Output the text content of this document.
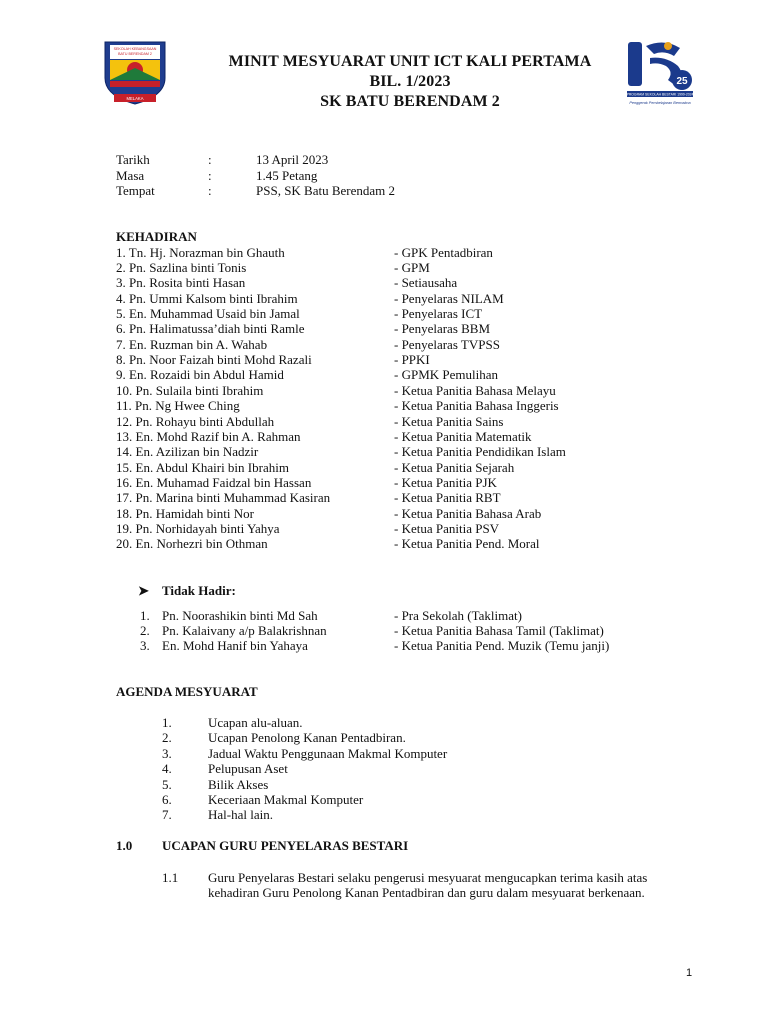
SEKOLAH KEBANGSAAN
BATU BERENDAM 2
MELAKA
MINIT MESYUARAT UNIT ICT KALI PERTAMA
BIL. 1/2023
SK BATU BERENDAM 2
25
PROGRAM SEKOLAH BESTARI 1999-2024
Penggerak Pembelajaran Bermakna
Tarikh	:	13 April 2023
Masa	:	1.45 Petang
Tempat	:	PSS, SK Batu Berendam 2
KEHADIRAN
1. Tn. Hj. Norazman bin Ghauth	- GPK Pentadbiran
2. Pn. Sazlina binti Tonis	- GPM
3. Pn. Rosita binti Hasan	- Setiausaha
4. Pn. Ummi Kalsom binti Ibrahim	- Penyelaras NILAM
5. En. Muhammad Usaid bin Jamal	- Penyelaras ICT
6. Pn. Halimatussa’diah binti Ramle	- Penyelaras BBM
7. En. Ruzman bin A. Wahab	- Penyelaras TVPSS
8. Pn. Noor Faizah binti Mohd Razali	- PPKI
9. En. Rozaidi bin Abdul Hamid	- GPMK Pemulihan
10. Pn. Sulaila binti Ibrahim	- Ketua Panitia Bahasa Melayu
11. Pn. Ng Hwee Ching	- Ketua Panitia Bahasa Inggeris
12. Pn. Rohayu binti Abdullah	- Ketua Panitia Sains
13. En. Mohd Razif bin A. Rahman	- Ketua Panitia Matematik
14. En. Azilizan bin Nadzir	- Ketua Panitia Pendidikan Islam
15. En. Abdul Khairi bin Ibrahim	- Ketua Panitia Sejarah
16. En. Muhamad Faidzal bin Hassan	- Ketua Panitia PJK
17. Pn. Marina binti Muhammad Kasiran	- Ketua Panitia RBT
18. Pn. Hamidah binti Nor	- Ketua Panitia Bahasa Arab
19. Pn. Norhidayah binti Yahya	- Ketua Panitia PSV
20. En. Norhezri bin Othman	- Ketua Panitia Pend. Moral
➤ Tidak Hadir:
1. Pn. Noorashikin binti Md Sah	- Pra Sekolah (Taklimat)
2. Pn. Kalaivany a/p Balakrishnan	- Ketua Panitia Bahasa Tamil (Taklimat)
3. En. Mohd Hanif bin Yahaya	- Ketua Panitia Pend. Muzik (Temu janji)
AGENDA MESYUARAT
1.	Ucapan alu-aluan.
2.	Ucapan Penolong Kanan Pentadbiran.
3.	Jadual Waktu Penggunaan Makmal Komputer
4.	Pelupusan Aset
5.	Bilik Akses
6.	Keceriaan Makmal Komputer
7.	Hal-hal lain.
1.0 UCAPAN GURU PENYELARAS BESTARI
1.1 Guru Penyelaras Bestari selaku pengerusi mesyuarat mengucapkan terima kasih atas
kehadiran Guru Penolong Kanan Pentadbiran dan guru dalam mesyuarat berkenaan.
1
